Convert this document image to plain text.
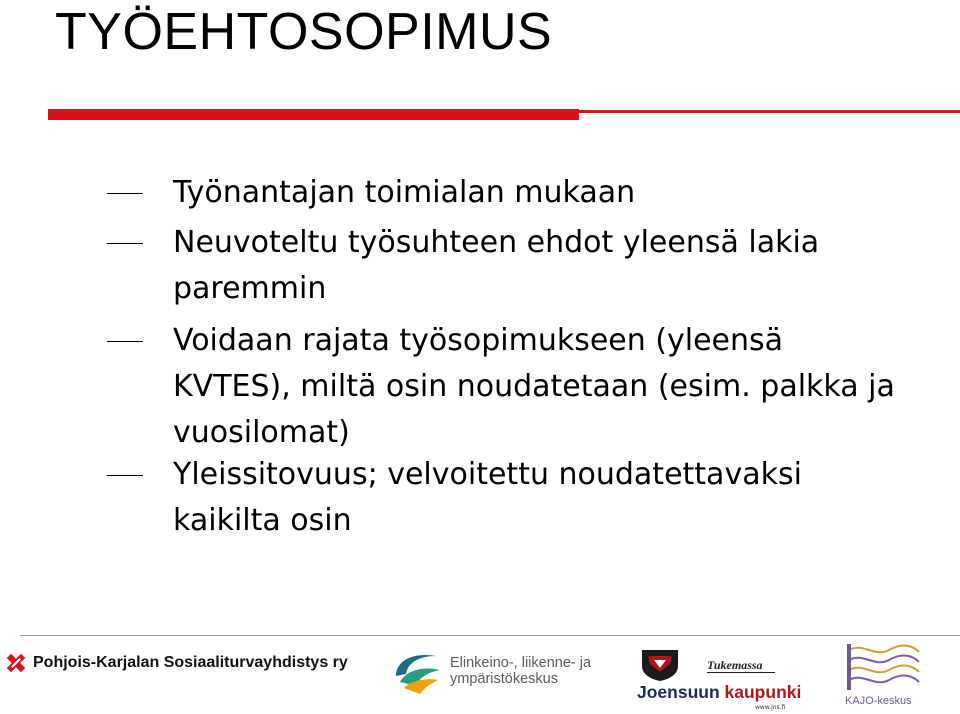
TYÖEHTOSOPIMUS
Työnantajan toimialan mukaan
Neuvoteltu työsuhteen ehdot yleensä lakia paremmin
Voidaan rajata työsopimukseen (yleensä KVTES), miltä osin noudatetaan (esim. palkka ja vuosilomat)
Yleissitovuus; velvoitettu noudatettavaksi kaikilta osin
Pohjois-Karjalan Sosiaaliturvayhdistys ry	Elinkeino-, liikenne- ja
ympäristökeskus
Tukemassa
Joensuun kaupunki
www.jns.fi
KAJO-keskus
